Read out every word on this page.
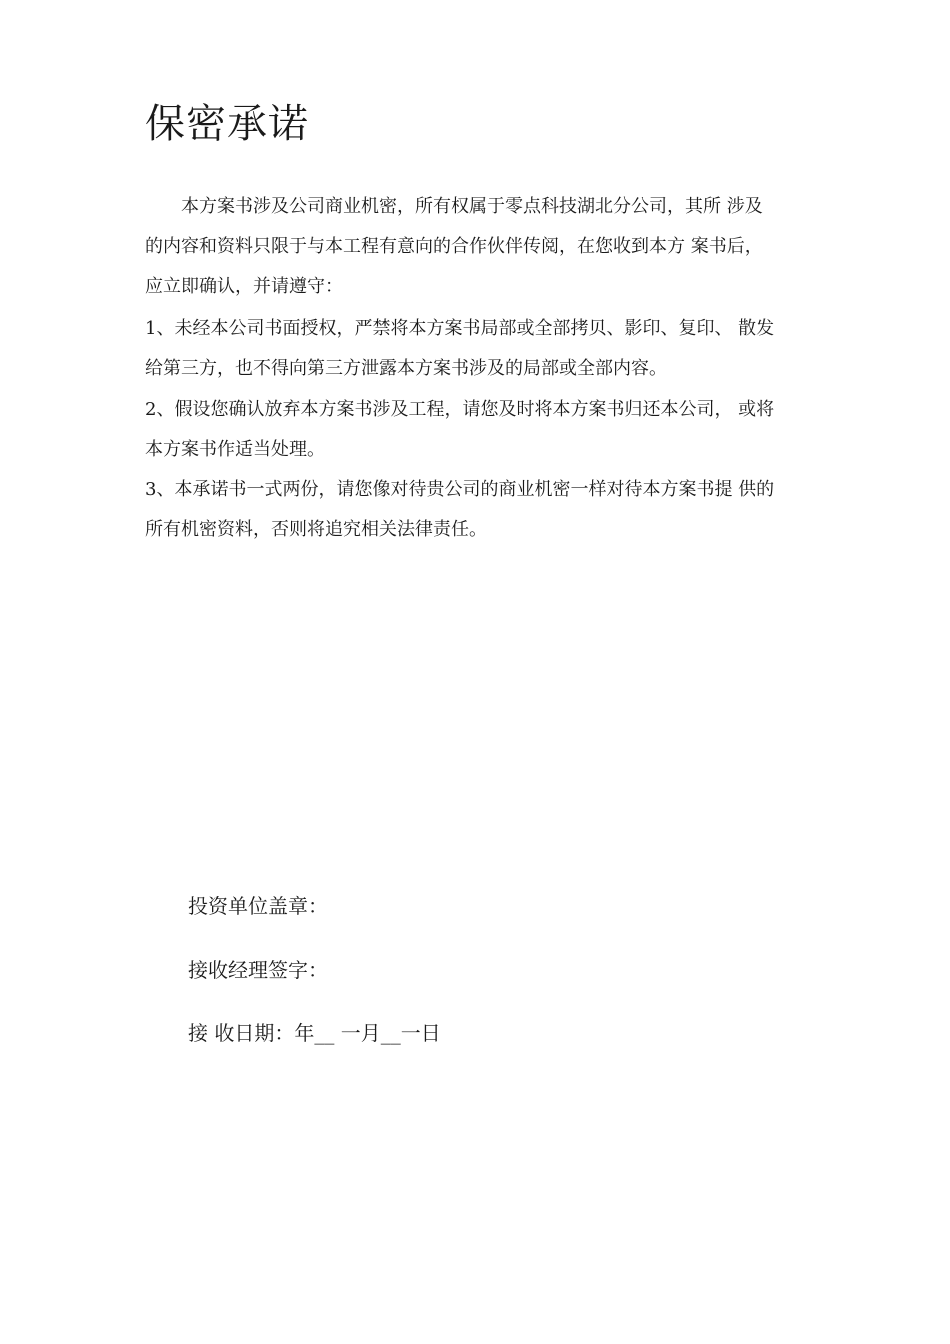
保密承诺
　　本方案书涉及公司商业机密，所有权属于零点科技湖北分公司，其所 涉及
的内容和资料只限于与本工程有意向的合作伙伴传阅，在您收到本方 案书后，
应立即确认，并请遵守：
1、未经本公司书面授权，严禁将本方案书局部或全部拷贝、影印、复印、 散发
给第三方，也不得向第三方泄露本方案书涉及的局部或全部内容。
2、假设您确认放弃本方案书涉及工程，请您及时将本方案书归还本公司， 或将
本方案书作适当处理。
3、本承诺书一式两份，请您像对待贵公司的商业机密一样对待本方案书提 供的
所有机密资料，否则将追究相关法律责任。

投资单位盖章：

接收经理签字：

接 收日期：年__ 一月__一日
